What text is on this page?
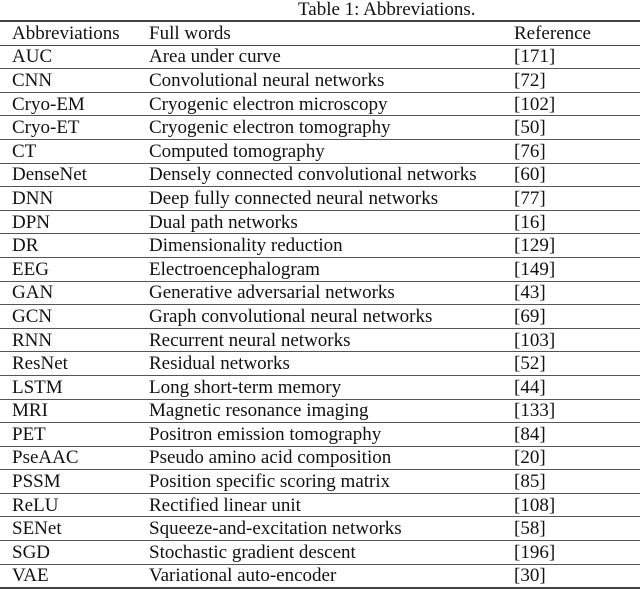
Table 1: Abbreviations.
Abbreviations	Full words	Reference
AUC	Area under curve	[171]
CNN	Convolutional neural networks	[72]
Cryo-EM	Cryogenic electron microscopy	[102]
Cryo-ET	Cryogenic electron tomography	[50]
CT	Computed tomography	[76]
DenseNet	Densely connected convolutional networks	[60]
DNN	Deep fully connected neural networks	[77]
DPN	Dual path networks	[16]
DR	Dimensionality reduction	[129]
EEG	Electroencephalogram	[149]
GAN	Generative adversarial networks	[43]
GCN	Graph convolutional neural networks	[69]
RNN	Recurrent neural networks	[103]
ResNet	Residual networks	[52]
LSTM	Long short-term memory	[44]
MRI	Magnetic resonance imaging	[133]
PET	Positron emission tomography	[84]
PseAAC	Pseudo amino acid composition	[20]
PSSM	Position specific scoring matrix	[85]
ReLU	Rectified linear unit	[108]
SENet	Squeeze-and-excitation networks	[58]
SGD	Stochastic gradient descent	[196]
VAE	Variational auto-encoder	[30]
